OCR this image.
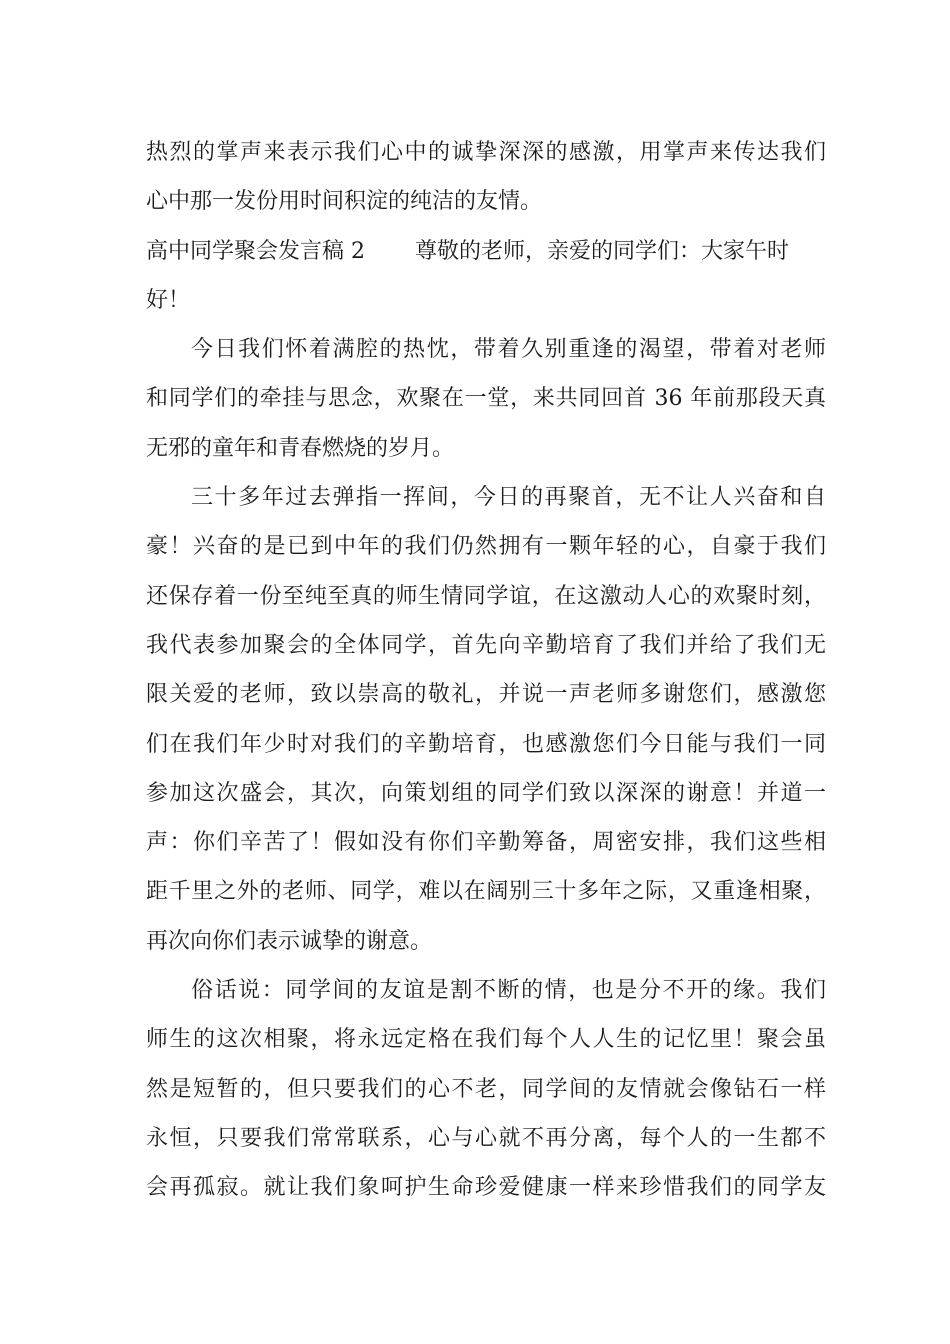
热烈的掌声来表示我们心中的诚挚深深的感激，用掌声来传达我们
心中那一发份用时间积淀的纯洁的友情。
高中同学聚会发言稿 2 尊敬的老师，亲爱的同学们：大家午时
好！
今日我们怀着满腔的热忱，带着久别重逢的渴望，带着对老师
和同学们的牵挂与思念，欢聚在一堂，来共同回首 36 年前那段天真
无邪的童年和青春燃烧的岁月。
三十多年过去弹指一挥间，今日的再聚首，无不让人兴奋和自
豪！兴奋的是已到中年的我们仍然拥有一颗年轻的心，自豪于我们
还保存着一份至纯至真的师生情同学谊，在这激动人心的欢聚时刻，
我代表参加聚会的全体同学，首先向辛勤培育了我们并给了我们无
限关爱的老师，致以崇高的敬礼，并说一声老师多谢您们，感激您
们在我们年少时对我们的辛勤培育，也感激您们今日能与我们一同
参加这次盛会，其次，向策划组的同学们致以深深的谢意！并道一
声：你们辛苦了！假如没有你们辛勤筹备，周密安排，我们这些相
距千里之外的老师、同学，难以在阔别三十多年之际，又重逢相聚，
再次向你们表示诚挚的谢意。
俗话说：同学间的友谊是割不断的情，也是分不开的缘。我们
师生的这次相聚，将永远定格在我们每个人人生的记忆里！聚会虽
然是短暂的，但只要我们的心不老，同学间的友情就会像钻石一样
永恒，只要我们常常联系，心与心就不再分离，每个人的一生都不
会再孤寂。就让我们象呵护生命珍爱健康一样来珍惜我们的同学友
